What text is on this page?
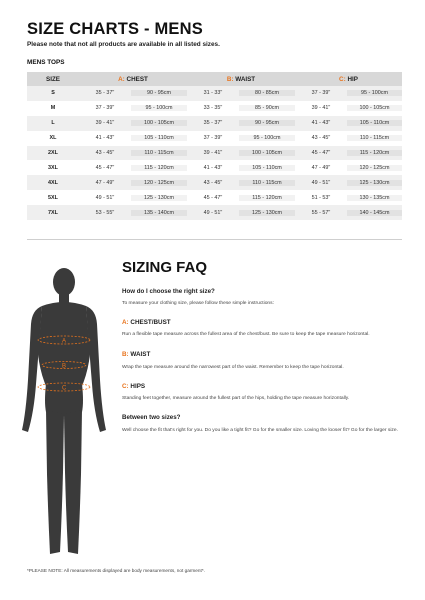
SIZE CHARTS - MENS
Please note that not all products are available in all listed sizes.
MENS TOPS
SIZE	A: CHEST	B: WAIST	C: HIP
S	35 - 37"	90 - 95cm	31 - 33"	80 - 85cm	37 - 39"	95 - 100cm
M	37 - 39"	95 - 100cm	33 - 35"	85 - 90cm	39 - 41"	100 - 105cm
L	39 - 41"	100 - 105cm	35 - 37"	90 - 95cm	41 - 43"	105 - 110cm
XL	41 - 43"	105 - 110cm	37 - 39"	95 - 100cm	43 - 45"	110 - 115cm
2XL	43 - 45"	110 - 115cm	39 - 41"	100 - 105cm	45 - 47"	115 - 120cm
3XL	45 - 47"	115 - 120cm	41 - 43"	105 - 110cm	47 - 49"	120 - 125cm
4XL	47 - 49"	120 - 125cm	43 - 45"	110 - 115cm	49 - 51"	125 - 130cm
5XL	49 - 51"	125 - 130cm	45 - 47"	115 - 120cm	51 - 53"	130 - 135cm
7XL	53 - 55"	135 - 140cm	49 - 51"	125 - 130cm	55 - 57"	140 - 145cm
A
B
C
SIZING FAQ
How do I choose the right size?
To measure your clothing size, please follow these simple instructions:
A: CHEST/BUST
Run a flexible tape measure across the fullest area of the chest/bust. Be sure to keep the tape measure horizontal.
B: WAIST
Wrap the tape measure around the narrowest part of the waist. Remember to keep the tape horizontal.
C: HIPS
Standing feet together, measure around the fullest part of the hips, holding the tape measure horizontally.
Between two sizes?
Well choose the fit that's right for you. Do you like a tight fit? Go for the smaller size. Loving the looser fit? Go for the larger size.
*PLEASE NOTE: All measurements displayed are body measurements, not garment*.
